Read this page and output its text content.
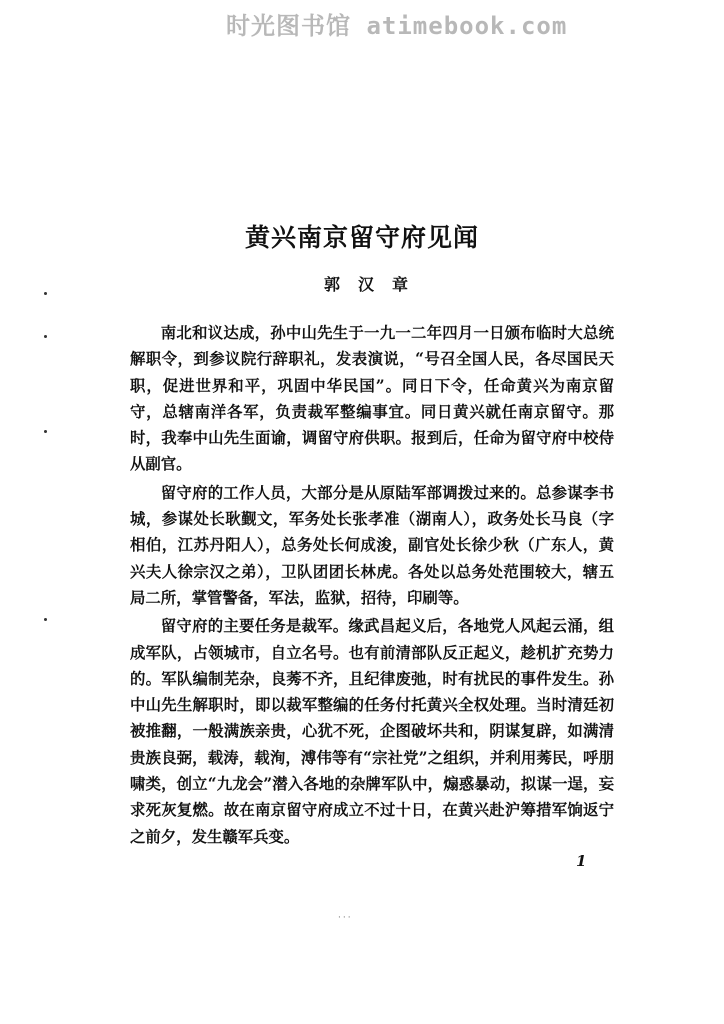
时光图书馆 atimebook.com
黄兴南京留守府见闻
郭汉章

南北和议达成，孙中山先生于一九一二年四月一日颁布临时大总统解职令，到参议院行辞职礼，发表演说，“号召全国人民，各尽国民天职，促进世界和平，巩固中华民国”。同日下令，任命黄兴为南京留守，总辖南洋各军，负责裁军整编事宜。同日黄兴就任南京留守。那时，我奉中山先生面谕，调留守府供职。报到后，任命为留守府中校侍从副官。

留守府的工作人员，大部分是从原陆军部调拨过来的。总参谋李书城，参谋处长耿觐文，军务处长张孝准（湖南人），政务处长马良（字相伯，江苏丹阳人），总务处长何成浚，副官处长徐少秋（广东人，黄兴夫人徐宗汉之弟），卫队团团长林虎。各处以总务处范围较大，辖五局二所，掌管警备，军法，监狱，招待，印刷等。

留守府的主要任务是裁军。缘武昌起义后，各地党人风起云涌，组成军队，占领城市，自立名号。也有前清部队反正起义，趁机扩充势力的。军队编制芜杂，良莠不齐，且纪律废弛，时有扰民的事件发生。孙中山先生解职时，即以裁军整编的任务付托黄兴全权处理。当时清廷初被推翻，一般满族亲贵，心犹不死，企图破坏共和，阴谋复辟，如满清贵族良弼，载涛，载洵，溥伟等有“宗社党”之组织，并利用莠民，呼朋啸类，创立“九龙会”潜入各地的杂牌军队中，煽惑暴动，拟谋一逞，妄求死灰复燃。故在南京留守府成立不过十日，在黄兴赴沪筹措军饷返宁之前夕，发生赣军兵变。

1
···
